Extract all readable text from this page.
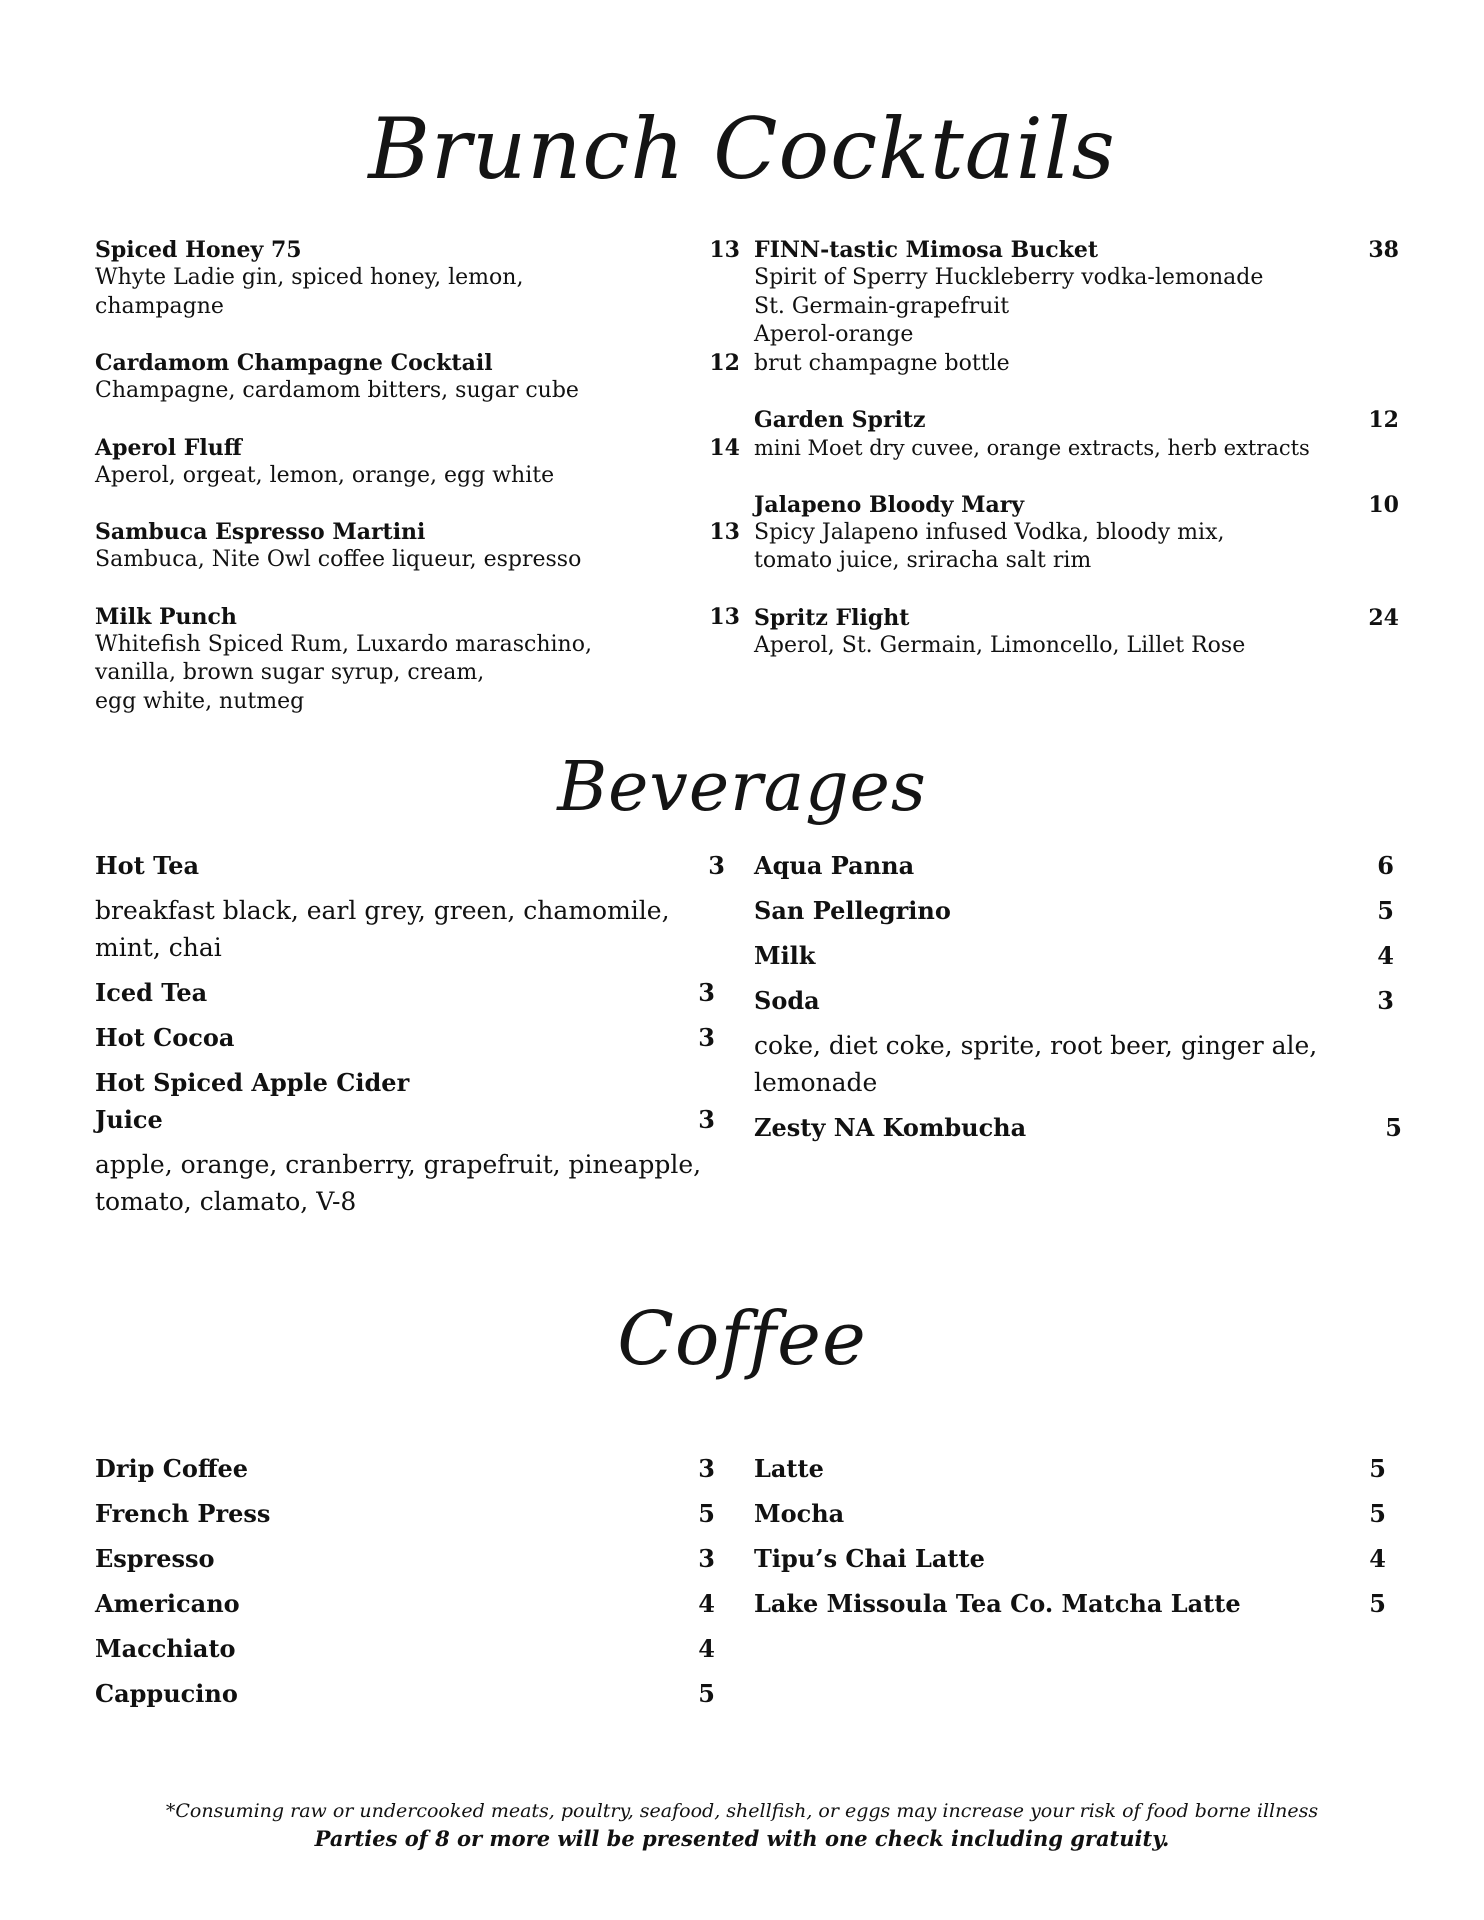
Brunch Cocktails
Spiced Honey 75	13
Whyte Ladie gin, spiced honey, lemon,
champagne
Cardamom Champagne Cocktail	12
Champagne, cardamom bitters, sugar cube
Aperol Fluff	14
Aperol, orgeat, lemon, orange, egg white
Sambuca Espresso Martini	13
Sambuca, Nite Owl coffee liqueur, espresso
Milk Punch	13
Whitefish Spiced Rum, Luxardo maraschino,
vanilla, brown sugar syrup, cream,
egg white, nutmeg
FINN-tastic Mimosa Bucket	38
Spirit of Sperry Huckleberry vodka-lemonade
St. Germain-grapefruit
Aperol-orange
brut champagne bottle
Garden Spritz	12
mini Moet dry cuvee, orange extracts, herb extracts
Jalapeno Bloody Mary	10
Spicy Jalapeno infused Vodka, bloody mix,
tomato juice, sriracha salt rim
Spritz Flight	24
Aperol, St. Germain, Limoncello, Lillet Rose
Beverages
Hot Tea	3
breakfast black, earl grey, green, chamomile, mint, chai
Iced Tea	3
Hot Cocoa	3
Hot Spiced Apple Cider
Juice	3
apple, orange, cranberry, grapefruit, pineapple, tomato, clamato, V-8
Aqua Panna	6
San Pellegrino	5
Milk	4
Soda	3
coke, diet coke, sprite, root beer, ginger ale, lemonade
Zesty NA Kombucha	5
Coffee
Drip Coffee	3
French Press	5
Espresso	3
Americano	4
Macchiato	4
Cappucino	5
Latte	5
Mocha	5
Tipu’s Chai Latte	4
Lake Missoula Tea Co. Matcha Latte	5
*Consuming raw or undercooked meats, poultry, seafood, shellfish, or eggs may increase your risk of food borne illness
Parties of 8 or more will be presented with one check including gratuity.
